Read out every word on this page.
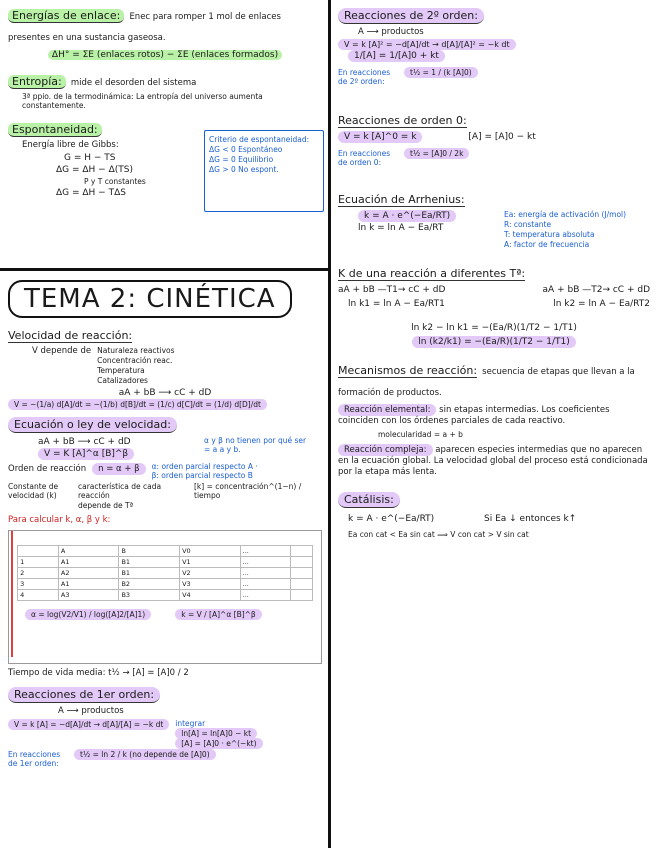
Energías de enlace: Enec para romper 1 mol de enlaces presentes en una sustancia gaseosa.
ΔH° = ΣE (enlaces rotos) − ΣE (enlaces formados)
Entropía: mide el desorden del sistema
3ª ppio. de la termodinámica: La entropía del universo aumenta constantemente.
Espontaneidad:
Energía libre de Gibbs:
G = H − TS
ΔG = ΔH − Δ(TS)
P y T constantes
ΔG = ΔH − TΔS
Criterio de espontaneidad:
ΔG < 0 Espontáneo
ΔG = 0 Equilibrio
ΔG > 0 No espont.
TEMA 2: CINÉTICA
Velocidad de reacción:
V depende de Naturaleza reactivos
Concentración reac.
Temperatura
Catalizadores
aA + bB ⟶ cC + dD
V = −(1/a) d[A]/dt = −(1/b) d[B]/dt = (1/c) d[C]/dt = (1/d) d[D]/dt
Ecuación o ley de velocidad:
aA + bB ⟶ cC + dD
V = K [A]^α [B]^β
α y β no tienen por qué ser = a a y b.
Orden de reacción	n = α + β	α: orden parcial respecto A · β: orden parcial respecto B
Constante de velocidad (k)
característica de cada reacción
depende de Tª
[k] = concentración^(1−n) / tiempo
Para calcular k, α, β y k:
	A	B	V0	...	
1	A1	B1	V1	...	
2	A2	B1	V2	...	
3	A1	B2	V3	...	
4	A3	B3	V4	...	
α = log(V2/V1) / log([A]2/[A]1)	k = V / [A]^α [B]^β
Tiempo de vida media: t½ → [A] = [A]0 / 2
Reacciones de 1er orden:
A ⟶ productos
V = k [A] = −d[A]/dt → d[A]/[A] = −k dt	integrar
ln[A] = ln[A]0 − kt
[A] = [A]0 · e^(−kt)
En reacciones de 1er orden:
t½ = ln 2 / k (no depende de [A]0)
Reacciones de 2º orden:
A ⟶ productos
V = k [A]² = −d[A]/dt → d[A]/[A]² = −k dt
1/[A] = 1/[A]0 + kt
En reacciones de 2º orden:
t½ = 1 / (k [A]0)
Reacciones de orden 0:
V = k [A]^0 = k	[A] = [A]0 − kt
En reacciones de orden 0:
t½ = [A]0 / 2k
Ecuación de Arrhenius:
k = A · e^(−Ea/RT)
ln k = ln A − Ea/RT
Ea: energía de activación (J/mol)
R: constante
T: temperatura absoluta
A: factor de frecuencia
K de una reacción a diferentes Tª:
aA + bB —T1→ cC + dD	aA + bB —T2→ cC + dD
ln k1 = ln A − Ea/RT1	ln k2 = ln A − Ea/RT2
ln k2 − ln k1 = −(Ea/R)(1/T2 − 1/T1)
ln (k2/k1) = −(Ea/R)(1/T2 − 1/T1)
Mecanismos de reacción: secuencia de etapas que llevan a la formación de productos.
Reacción elemental: sin etapas intermedias. Los coeficientes coinciden con los órdenes parciales de cada reactivo.
molecularidad = a + b
Reacción compleja: aparecen especies intermedias que no aparecen en la ecuación global. La velocidad global del proceso está condicionada por la etapa más lenta.
Catálisis:
k = A · e^(−Ea/RT)	Si Ea ↓ entonces k↑
Ea con cat < Ea sin cat ⟹ V con cat > V sin cat
